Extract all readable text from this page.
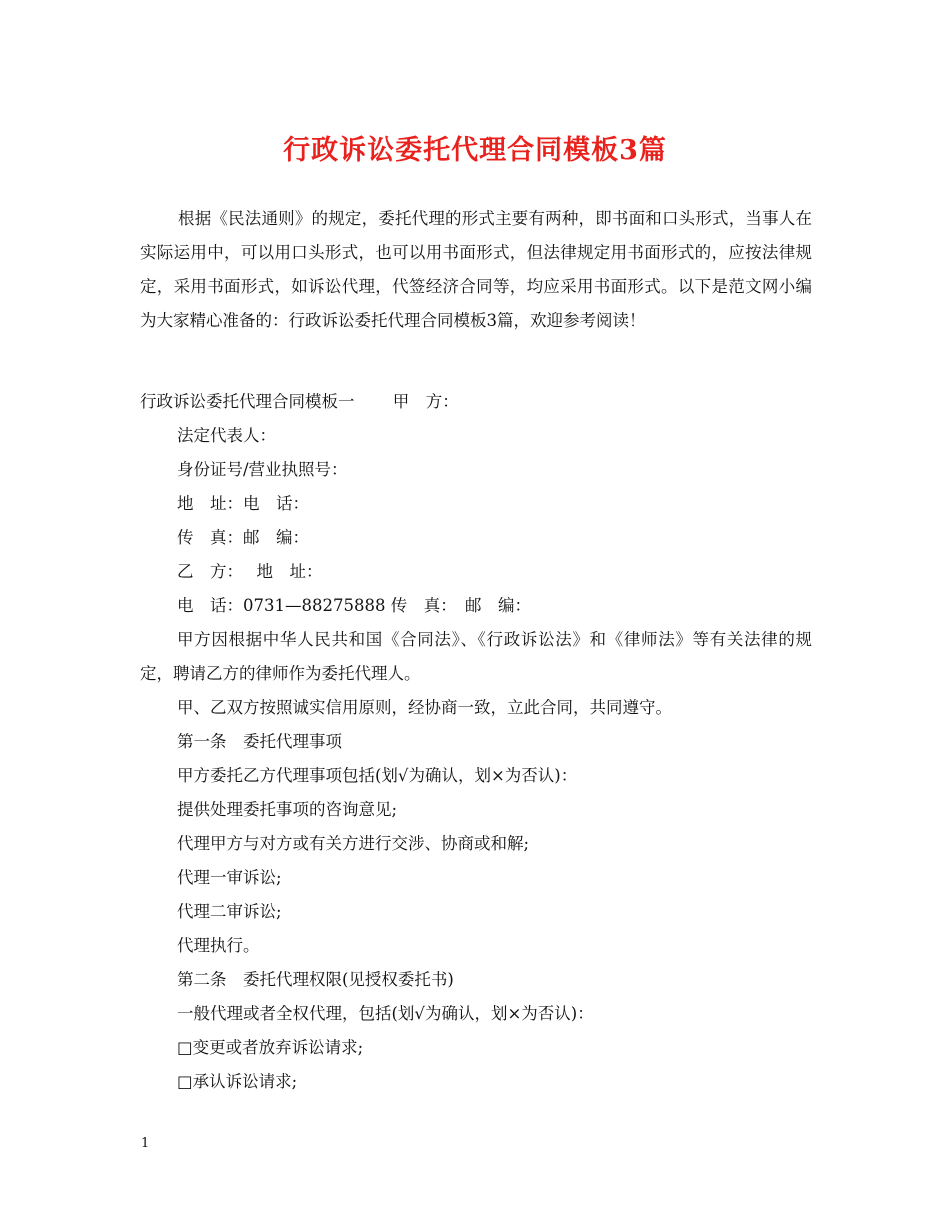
行政诉讼委托代理合同模板3篇

根据《民法通则》的规定，委托代理的形式主要有两种，即书面和口头形式，当事人在实际运用中，可以用口头形式，也可以用书面形式，但法律规定用书面形式的，应按法律规定，采用书面形式，如诉讼代理，代签经济合同等，均应采用书面形式。以下是范文网小编为大家精心准备的：行政诉讼委托代理合同模板3篇，欢迎参考阅读！

行政诉讼委托代理合同模板一　　 甲　方：

法定代表人：

身份证号/营业执照号：

地　址：电　话：

传　真：邮　编：

乙　方：　 地　址：

电　话：0731—88275888 传　真：　邮　编：

甲方因根据中华人民共和国《合同法》、《行政诉讼法》和《律师法》等有关法律的规定，聘请乙方的律师作为委托代理人。

甲、乙双方按照诚实信用原则，经协商一致，立此合同，共同遵守。

第一条　委托代理事项

甲方委托乙方代理事项包括(划√为确认，划×为否认)：

提供处理委托事项的咨询意见;

代理甲方与对方或有关方进行交涉、协商或和解;

代理一审诉讼;

代理二审诉讼;

代理执行。

第二条　委托代理权限(见授权委托书)

一般代理或者全权代理，包括(划√为确认，划×为否认)：

□变更或者放弃诉讼请求;

□承认诉讼请求;

1
